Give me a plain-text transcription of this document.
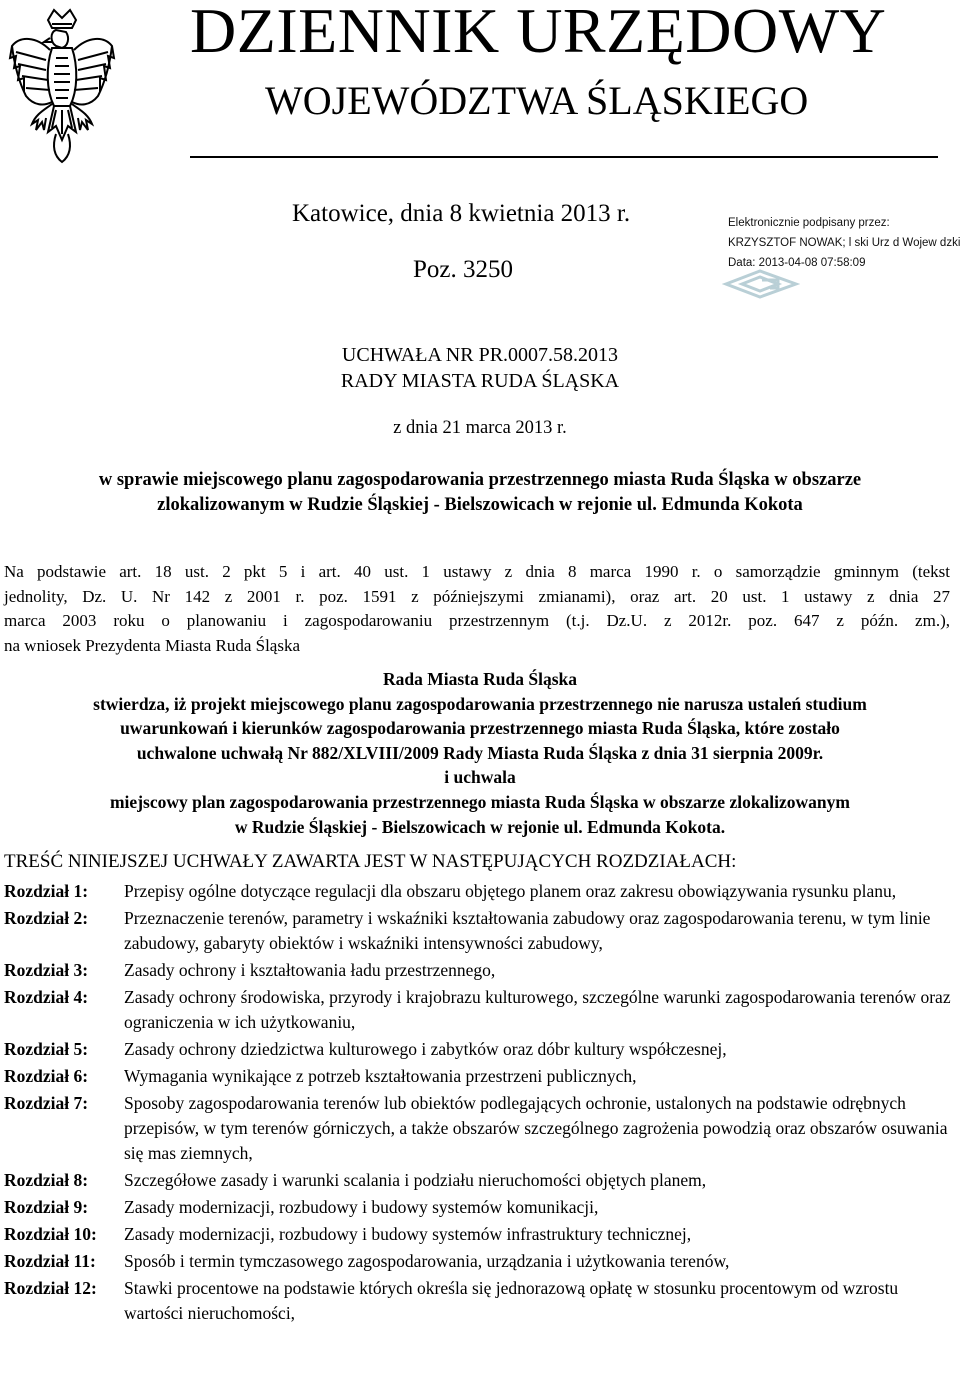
DZIENNIK URZĘDOWY
WOJEWÓDZTWA ŚLĄSKIEGO
Katowice, dnia 8 kwietnia 2013 r.
Poz. 3250
Elektronicznie podpisany przez:
KRZYSZTOF NOWAK; l ski Urz d Wojew dzki
Data: 2013-04-08 07:58:09
UCHWAŁA NR PR.0007.58.2013
RADY MIASTA RUDA ŚLĄSKA
z dnia 21 marca 2013 r.
w sprawie miejscowego planu zagospodarowania przestrzennego miasta Ruda Śląska w obszarze
zlokalizowanym w Rudzie Śląskiej - Bielszowicach w rejonie ul. Edmunda Kokota
Na podstawie art. 18 ust. 2 pkt 5 i art. 40 ust. 1 ustawy z dnia 8 marca 1990 r. o samorządzie gminnym (tekst
jednolity, Dz. U. Nr 142 z 2001 r. poz. 1591 z późniejszymi zmianami), oraz art. 20 ust. 1 ustawy z dnia 27
marca 2003 roku o planowaniu i zagospodarowaniu przestrzennym (t.j. Dz.U. z 2012r. poz. 647 z późn. zm.),
na wniosek Prezydenta Miasta Ruda Śląska
Rada Miasta Ruda Śląska
stwierdza, iż projekt miejscowego planu zagospodarowania przestrzennego nie narusza ustaleń studium
uwarunkowań i kierunków zagospodarowania przestrzennego miasta Ruda Śląska, które zostało
uchwalone uchwałą Nr 882/XLVIII/2009 Rady Miasta Ruda Śląska z dnia 31 sierpnia 2009r.
i uchwala
miejscowy plan zagospodarowania przestrzennego miasta Ruda Śląska w obszarze zlokalizowanym
w Rudzie Śląskiej - Bielszowicach w rejonie ul. Edmunda Kokota.
TREŚĆ NINIEJSZEJ UCHWAŁY ZAWARTA JEST W NASTĘPUJĄCYCH ROZDZIAŁACH:
Rozdział 1:	Przepisy ogólne dotyczące regulacji dla obszaru objętego planem oraz zakresu obowiązywania rysunku planu,
Rozdział 2:	Przeznaczenie terenów, parametry i wskaźniki kształtowania zabudowy oraz zagospodarowania terenu, w tym linie zabudowy, gabaryty obiektów i wskaźniki intensywności zabudowy,
Rozdział 3:	Zasady ochrony i kształtowania ładu przestrzennego,
Rozdział 4:	Zasady ochrony środowiska, przyrody i krajobrazu kulturowego, szczególne warunki zagospodarowania terenów oraz ograniczenia w ich użytkowaniu,
Rozdział 5:	Zasady ochrony dziedzictwa kulturowego i zabytków oraz dóbr kultury współczesnej,
Rozdział 6:	Wymagania wynikające z potrzeb kształtowania przestrzeni publicznych,
Rozdział 7:	Sposoby zagospodarowania terenów lub obiektów podlegających ochronie, ustalonych na podstawie odrębnych przepisów, w tym terenów górniczych, a także obszarów szczególnego zagrożenia powodzią oraz obszarów osuwania się mas ziemnych,
Rozdział 8:	Szczegółowe zasady i warunki scalania i podziału nieruchomości objętych planem,
Rozdział 9:	Zasady modernizacji, rozbudowy i budowy systemów komunikacji,
Rozdział 10:	Zasady modernizacji, rozbudowy i budowy systemów infrastruktury technicznej,
Rozdział 11:	Sposób i termin tymczasowego zagospodarowania, urządzania i użytkowania terenów,
Rozdział 12:	Stawki procentowe na podstawie których określa się jednorazową opłatę w stosunku procentowym od wzrostu wartości nieruchomości,
